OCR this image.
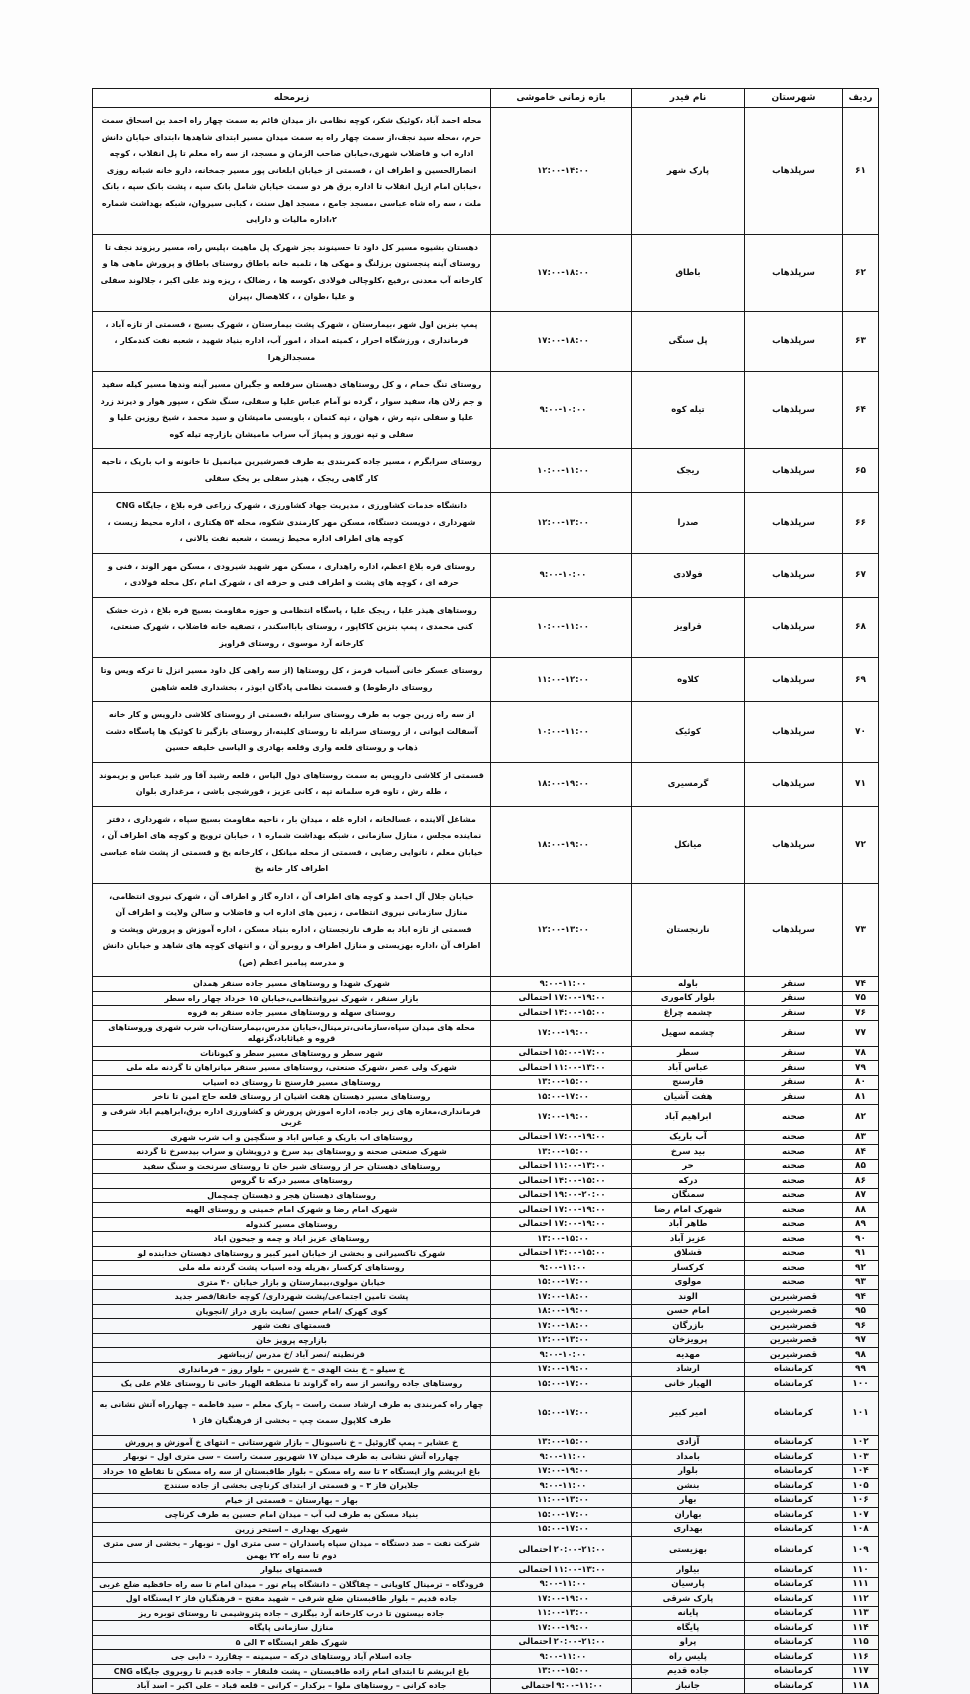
ردیف	شهرستان	نام فیدر	بازه زمانی خاموشی	زیرمحله
۶۱	سرپلذهاب	پارک شهر	۱۲:۰۰-۱۴:۰۰	محله احمد آباد ،کوئیک شکر، کوچه نظامی ،از میدان قائم به سمت چهار راه احمد بن اسحاق سمت حرم، ،محله سید نجف،از سمت چهار راه به سمت میدان مسیر ابتدای شاهدها ،ابتدای خیابان دانش اداره اب و فاضلاب شهری،خیابان صاحب الزمان و مسجد، از سه راه معلم تا پل انقلاب ، کوچه انصارالحسین و اطراف ان ، قسمتی از خیابان ابلغانی پور مسیر جمخانه، دارو خانه شبانه روزی ،خیابان امام ازپل انقلاب تا اداره برق هر دو سمت خیابان شامل بانک سپه ، پشت بانک سپه ، بانک ملت ، سه راه شاه عباسی ،مسجد جامع ، مسجد اهل سنت ، کبابی سیروان، شبکه بهداشت شماره ۲،اداره مالیات و دارایی
۶۲	سرپلذهاب	باطاق	۱۷:۰۰-۱۸:۰۰	دهستان بشیوه مسیر کل داود تا حسینوند بجز شهرک پل ماهیت ،پلیس راه، مسیر ریزوند نجف تا روستای آینه پنجستون برزلنگ و مهکی ها ، تلمبه خانه باطاق روستای باطاق و پرورش ماهی ها و کارخانه آب معدنی ،رفیع ،کلوچالی فولادی ،کوسه ها ، رضالک ، ریزه وند علی اکبر ، جلالوند سفلی و علیا ،طوان ، ، کلاهصال ،پیران
۶۳	سرپلذهاب	پل سنگی	۱۷:۰۰-۱۸:۰۰	پمپ بنزین اول شهر ،بیمارستان ، شهرک پشت بیمارستان ، شهرک بسیج ، قسمتی از تازه آباد ، فرمانداری ، ورزشگاه احرار ، کمیته امداد ، امور آب، اداره بنیاد شهید ، شعبه نفت کندمکار ، مسجدالزهرا
۶۴	سرپلذهاب	تیله کوه	۹:۰۰-۱۰:۰۰	روستای تنگ حمام ، و کل روستاهای دهستان سرقلعه و جگیران مسیر آینه وندها مسیر کیله سفید و جم زلان ها، سفید سوار ، گرده نو آمام عباس علیا و سفلی، سنگ شکن ، سپور هوار و دیرند زرد علیا و سفلی ،تپه رش ، هوان ، تپه کتمان ، باویسی مامیشان و سید محمد ، شیخ روزین علیا و سفلی و تپه نوروز و پمپاژ آب سراب مامیشان بازارچه تیله کوه
۶۵	سرپلذهاب	ریجک	۱۰:۰۰-۱۱:۰۰	روستای سرابگرم ، مسیر جاده کمربندی به طرف قصرشیرین میانمیل تا خانونه و اب باریک ، ناحیه کار گاهی ریجک ، هیذر سفلی بر یخک سفلی
۶۶	سرپلذهاب	صدرا	۱۲:۰۰-۱۳:۰۰	دانشگاه خدمات کشاورزی ، مدیریت جهاد کشاورزی ، شهرک زراعی قره بلاغ ، جایگاه CNG شهرداری ، دویست دستگاه، مسکن مهر کارمندی شکوه، محله ۵۴ هکتاری ، اداره محیط زیست ، کوچه های اطراف اداره محیط زیست ، شعبه نفت بالانی ،
۶۷	سرپلذهاب	فولادی	۹:۰۰-۱۰:۰۰	روستای قره بلاغ اعظم، اداره راهداری ، مسکن مهر شهید شیرودی ، مسکن مهر الوند ، فنی و حرفه ای ، کوچه های پشت و اطراف فنی و حرفه ای ، شهرک امام ،کل محله فولادی ،
۶۸	سرپلذهاب	قراویز	۱۰:۰۰-۱۱:۰۰	روستاهای هیذر علیا ، ریجک علیا ، پاسگاه انتظامی و حوزه مقاومت بسیج قره بلاغ ، ذرت خشک کنی محمدی ، پمپ بنزین کاکاپور ، روستای بابااسکندر ، تصفیه خانه فاضلاب ، شهرک صنعتی، کارخانه آرد موسوی ، روستای قراویز
۶۹	سرپلذهاب	کلاوه	۱۱:۰۰-۱۲:۰۰	روستای عسکر خانی آسیاب قرمز ، کل روستاها (از سه راهی کل داود مسیر انزل تا ترکه ویس وتا روستای دارطوط) و قسمت نظامی پادگان ابوذر ، بخشداری قلعه شاهین
۷۰	سرپلذهاب	کوئیک	۱۰:۰۰-۱۱:۰۰	از سه راه زرین جوب به طرف روستای سرابله ،قسمتی از روستای کلاشی دارویس و کار خانه آسفالت ایوانی ، از روستای سرابله تا روستای کلینه،از روستای بازگیر تا کوئیک ها پاسگاه دشت ذهاب و روستای قلعه واری وقلعه بهادری و الیاسی خلیفه حسین
۷۱	سرپلذهاب	گرمسیری	۱۸:۰۰-۱۹:۰۰	قسمتی از کلاشی دارویس به سمت روستاهای دول الیاس ، قلعه رشید آقا ور شید عباس و بریموند ، طله رش ، تاوه قره سلمانه تپه ، کانی عزیز ، قورشجی باشی ، مرغداری بلوان
۷۲	سرپلذهاب	میانکل	۱۸:۰۰-۱۹:۰۰	مشاغل آلاینده ، غسالخانه ، اداره غله ، میدان بار ، ناحیه مقاومت بسیج سپاه ، شهرداری ، دفتر نماینده مجلس ، منازل سازمانی ، شبکه بهداشت شماره ۱ ، خیابان ترویج و کوچه های اطراف آن ، خیابان معلم ، نانوایی رضایی ، قسمتی از محله میانکل ، کارخانه یخ و قسمتی از پشت شاه عباسی اطراف کار خانه یخ
۷۳	سرپلذهاب	نارنجستان	۱۲:۰۰-۱۳:۰۰	خیابان جلال آل احمد و کوچه های اطراف آن ، اداره گاز و اطراف آن ، شهرک نیروی انتظامی، منازل سازمانی نیروی انتظامی ، زمین های اداره اب و فاضلاب و سالن ولایت و اطراف آن قسمتی از تازه اباد به طرف نارنجستان ، اداره بنیاد مسکن ، اداره آموزش و پرورش وپشت و اطراف آن ،اداره بهزیستی و منازل اطراف و روبرو آن ، و انتهای کوچه های شاهد و خیابان دانش و مدرسه پیامبر اعظم (ص)
۷۴	سنقر	باوله	۹:۰۰-۱۱:۰۰	شهرک شهدا و روستاهای مسیر جاده سنقر همدان
۷۵	سنقر	بلوار کاموری	۱۷:۰۰-۱۹:۰۰احتمالی	بازار سنقر ، شهرک نیروانتظامی،خیابان ۱۵ خرداد چهار راه سطر
۷۶	سنقر	چشمه چراغ	۱۴:۰۰-۱۵:۰۰احتمالی	روستای سهله و روستاهای مسیر جاده سنقر به قروه
۷۷	سنقر	چشمه سهیل	۱۷:۰۰-۱۹:۰۰	محله های میدان سپاه،سازمانی،ترمینال،خیابان مدرس،بیمارستان،اب شرب شهری وروستاهای قروه و غیاثاباد،گزنهله
۷۸	سنقر	سطر	۱۵:۰۰-۱۷:۰۰احتمالی	شهر سطر و روستاهای مسیر سطر و کیونانات
۷۹	سنقر	عباس آباد	۱۱:۰۰-۱۳:۰۰احتمالی	شهرک ولی عصر ،شهرک صنعتی، روستاهای مسیر سنقر میانراهان تا گردنه مله ملی
۸۰	سنقر	فارسنج	۱۳:۰۰-۱۵:۰۰	روستاهای مسیر فارسنج تا روستای ده اسیاب
۸۱	سنقر	هفت آشیان	۱۵:۰۰-۱۷:۰۰	روستاهای مسیر دهستان هفت اشیان از روستای قلعه حاج امین تا ناخر
۸۲	صحنه	ابراهیم آباد	۱۷:۰۰-۱۹:۰۰	فرمانداری،مغازه های زیر جاده، اداره اموزش پرورش و کشاورزی اداره برق،ابراهیم اباد شرقی و غربی
۸۳	صحنه	آب باریک	۱۷:۰۰-۱۹:۰۰احتمالی	روستاهای اب باریک و عباس اباد و سنگچین و اب شرب شهری
۸۴	صحنه	بید سرخ	۱۳:۰۰-۱۵:۰۰	شهرک صنعتی صحنه و روستاهای بید سرخ و درویشان و سراب بیدسرخ تا گردنه
۸۵	صحنه	حر	۱۱:۰۰-۱۳:۰۰احتمالی	روستاهای دهستان حر از روستای شیر خان تا روستای سرنخت و سنگ سفید
۸۶	صحنه	درکه	۱۴:۰۰-۱۵:۰۰احتمالی	روستاهای مسیر درکه تا گروس
۸۷	صحنه	سمنگان	۱۹:۰۰-۲۰:۰۰احتمالی	روستاهای دهستان هجر و دهستان چمچمال
۸۸	صحنه	شهرک امام رضا	۱۷:۰۰-۱۹:۰۰احتمالی	شهرک امام رضا و شهرک امام خمینی و روستای الهیه
۸۹	صحنه	طاهر آباد	۱۷:۰۰-۱۹:۰۰احتمالی	روستاهای مسیر کندوله
۹۰	صحنه	عزیز آباد	۱۳:۰۰-۱۵:۰۰	روستاهای عزیز اباد و چمه و جیحون اباد
۹۱	صحنه	قشلاق	۱۴:۰۰-۱۵:۰۰احتمالی	شهرک تاکسیرانی و بخشی از خیابان امیر کبیر و روستاهای دهستان خدابنده لو
۹۲	صحنه	کرکسار	۹:۰۰-۱۱:۰۰	روستاهای کرکسار ،هریله وده اسیاب پشت گردنه مله ملی
۹۳	صحنه	مولوی	۱۵:۰۰-۱۷:۰۰	خیابان مولوی،بیمارستان و بازار خیابان ۴۰ متری
۹۴	قصرشیرین	الوند	۱۷:۰۰-۱۸:۰۰	پشت تامین اجتماعی/پشت شهرداری/ کوچه خانقا/قصر جدید
۹۵	قصرشیرین	امام حسن	۱۸:۰۰-۱۹:۰۰	کوی کهرک /امام حسن /سایت بازی دراز /انجویان
۹۶	قصرشیرین	بازرگان	۱۷:۰۰-۱۸:۰۰	قسمتهای نفت شهر
۹۷	قصرشیرین	پرویزخان	۱۲:۰۰-۱۳:۰۰	بازارچه پرویز خان
۹۸	قصرشیرین	مهدیه	۹:۰۰-۱۰:۰۰	قرنطینه /نصر آباد /خ مدرس /زیباشهر
۹۹	کرمانشاه	ارشاد	۱۷:۰۰-۱۹:۰۰	خ سیلو – خ بنت الهدی – خ شیرین – بلوار روز – فرمانداری
۱۰۰	کرمانشاه	الهیار خانی	۱۵:۰۰-۱۷:۰۰	روستاهای جاده روانسر از سه راه گراوند تا منطقه الهیار خانی تا روستای غلام علی یک
۱۰۱	کرمانشاه	امیر کبیر	۱۵:۰۰-۱۷:۰۰	چهار راه کمربندی به طرف ارشاد سمت راست – پارک معلم – سید فاطمه – چهارراه آتش نشانی به طرف کلاپول سمت چپ – بخشی از فرهنگیان فاز ۱
۱۰۲	کرمانشاه	آزادی	۱۳:۰۰-۱۵:۰۰	خ عشایر – پمپ گازوئیل – خ ناسیونال – بازار شهرستانی – انتهای خ آموزش و پرورش
۱۰۳	کرمانشاه	بامداد	۹:۰۰-۱۱:۰۰	چهارراه آتش نشانی به طرف میدان ۱۷ شهریور سمت راست – سی متری اول – نوبهار
۱۰۴	کرمانشاه	بلوار	۱۷:۰۰-۱۹:۰۰	باغ ابریشم واز ایستگاه ۲ تا سه راه مسکن – بلوار طاقبستان از سه راه مسکن تا تقاطع ۱۵ خرداد
۱۰۵	کرمانشاه	بنشن	۹:۰۰-۱۱:۰۰	جلایران فاز ۳ – و قسمتی از ابتدای کرناچی بخشی از جاده سنندج
۱۰۶	کرمانشاه	بهار	۱۱:۰۰-۱۳:۰۰	بهار – بهارستان – قسمتی از خیام
۱۰۷	کرمانشاه	بهاران	۱۵:۰۰-۱۷:۰۰	بنیاد مسکن به طرف لب آب – میدان امام حسین به طرف کرناچی
۱۰۸	کرمانشاه	بهداری	۱۵:۰۰-۱۷:۰۰	شهرک بهداری – استخر زرین
۱۰۹	کرمانشاه	بهزیستی	۲۰:۰۰-۲۱:۰۰احتمالی	شرکت نفت – صد دستگاه – میدان سپاه پاسداران – سی متری اول – نوبهار – بخشی از سی متری دوم تا سه راه ۲۲ بهمن
۱۱۰	کرمانشاه	بیلوار	۱۱:۰۰-۱۳:۰۰احتمالی	قسمتهای بیلوار
۱۱۱	کرمانشاه	پارسیان	۹:۰۰-۱۱:۰۰	فرودگاه – ترمینال کاویانی – چقاگلان – دانشگاه پیام نور – میدان امام تا سه راه حافظیه ضلع غربی
۱۱۲	کرمانشاه	پارک شرقی	۱۷:۰۰-۱۹:۰۰	جاده قدیم – بلوار طاقبستان ضلع شرقی – شهید مفتح – فرهنگیان فاز ۲ ایستگاه اول
۱۱۳	کرمانشاه	پایانه	۱۱:۰۰-۱۳:۰۰	جاده بیستون تا درب کارخانه آرد بیگلری – جاده پتروشیمی تا روستای توبره ریز
۱۱۴	کرمانشاه	پایگاه	۱۷:۰۰-۱۹:۰۰	منازل سازمانی پایگاه
۱۱۵	کرمانشاه	پراو	۲۰:۰۰-۲۱:۰۰احتمالی	شهرک ظفر ایستگاه ۳ الی ۵
۱۱۶	کرمانشاه	پلیس راه	۹:۰۰-۱۱:۰۰	جاده اسلام آباد روستاهای درکه – سیمینه – چقازرد – دابی جی
۱۱۷	کرمانشاه	جاده قدیم	۱۳:۰۰-۱۵:۰۰	باغ ابریشم تا ابتدای امام زاده طاقبستان – پشت فلنقار – جاده قدیم تا روبروی جایگاه CNG
۱۱۸	کرمانشاه	جانباز	۹:۰۰-۱۱:۰۰احتمالی	جاده کرانی – روستاهای ملوا – برکدار – کرانی – قلعه قباد – علی اکبر – اسد آباد
